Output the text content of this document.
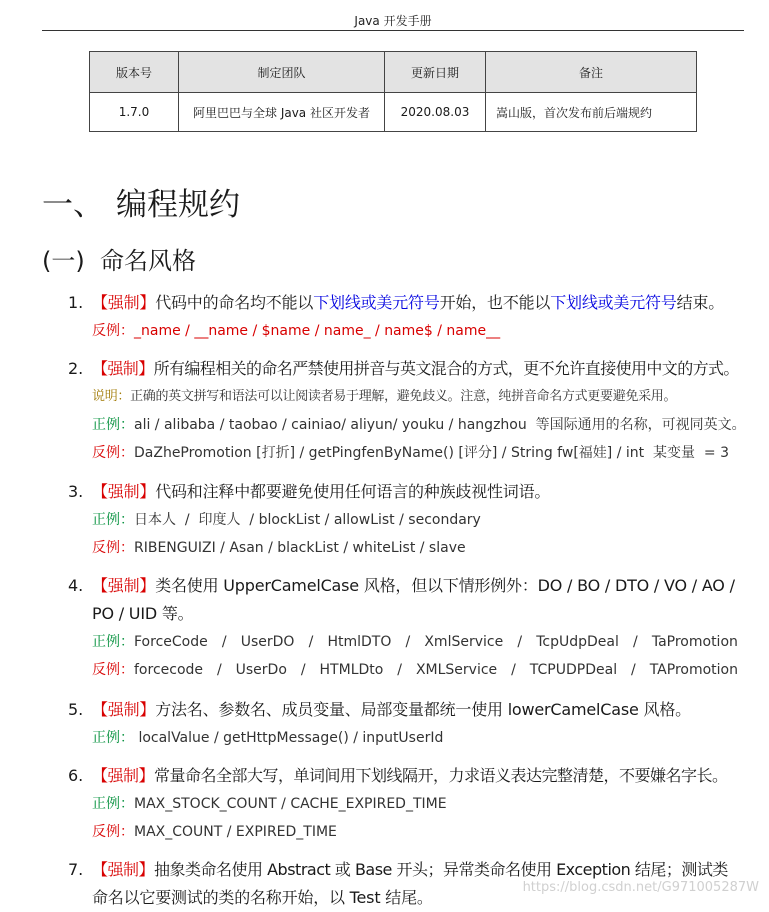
Java 开发手册
版本号	制定团队	更新日期	备注
1.7.0	阿里巴巴与全球 Java 社区开发者	2020.08.03	嵩山版，首次发布前后端规约
一、 编程规约
(一) 命名风格
1. 【强制】代码中的命名均不能以下划线或美元符号开始，也不能以下划线或美元符号结束。
反例：_name / __name / $name / name_ / name$ / name__
2. 【强制】所有编程相关的命名严禁使用拼音与英文混合的方式，更不允许直接使用中文的方式。
说明：正确的英文拼写和语法可以让阅读者易于理解，避免歧义。注意，纯拼音命名方式更要避免采用。
正例：ali / alibaba / taobao / cainiao/ aliyun/ youku / hangzhou  等国际通用的名称，可视同英文。
反例：DaZhePromotion [打折] / getPingfenByName() [评分] / String fw[福娃] / int  某变量  = 3
3. 【强制】代码和注释中都要避免使用任何语言的种族歧视性词语。
正例：日本人  /  印度人  / blockList / allowList / secondary
反例：RIBENGUIZI / Asan / blackList / whiteList / slave
4. 【强制】类名使用 UpperCamelCase 风格，但以下情形例外：DO / BO / DTO / VO / AO /
PO / UID 等。
正例：ForceCode / UserDO / HtmlDTO / XmlService / TcpUdpDeal / TaPromotion
反例：forcecode / UserDo / HTMLDto / XMLService / TCPUDPDeal / TAPromotion
5. 【强制】方法名、参数名、成员变量、局部变量都统一使用 lowerCamelCase 风格。
正例： localValue / getHttpMessage() / inputUserId
6. 【强制】常量命名全部大写，单词间用下划线隔开，力求语义表达完整清楚，不要嫌名字长。
正例：MAX_STOCK_COUNT / CACHE_EXPIRED_TIME
反例：MAX_COUNT / EXPIRED_TIME
7. 【强制】抽象类命名使用 Abstract 或 Base 开头；异常类命名使用 Exception 结尾；测试类
命名以它要测试的类的名称开始，以 Test 结尾。
https://blog.csdn.net/G971005287W
